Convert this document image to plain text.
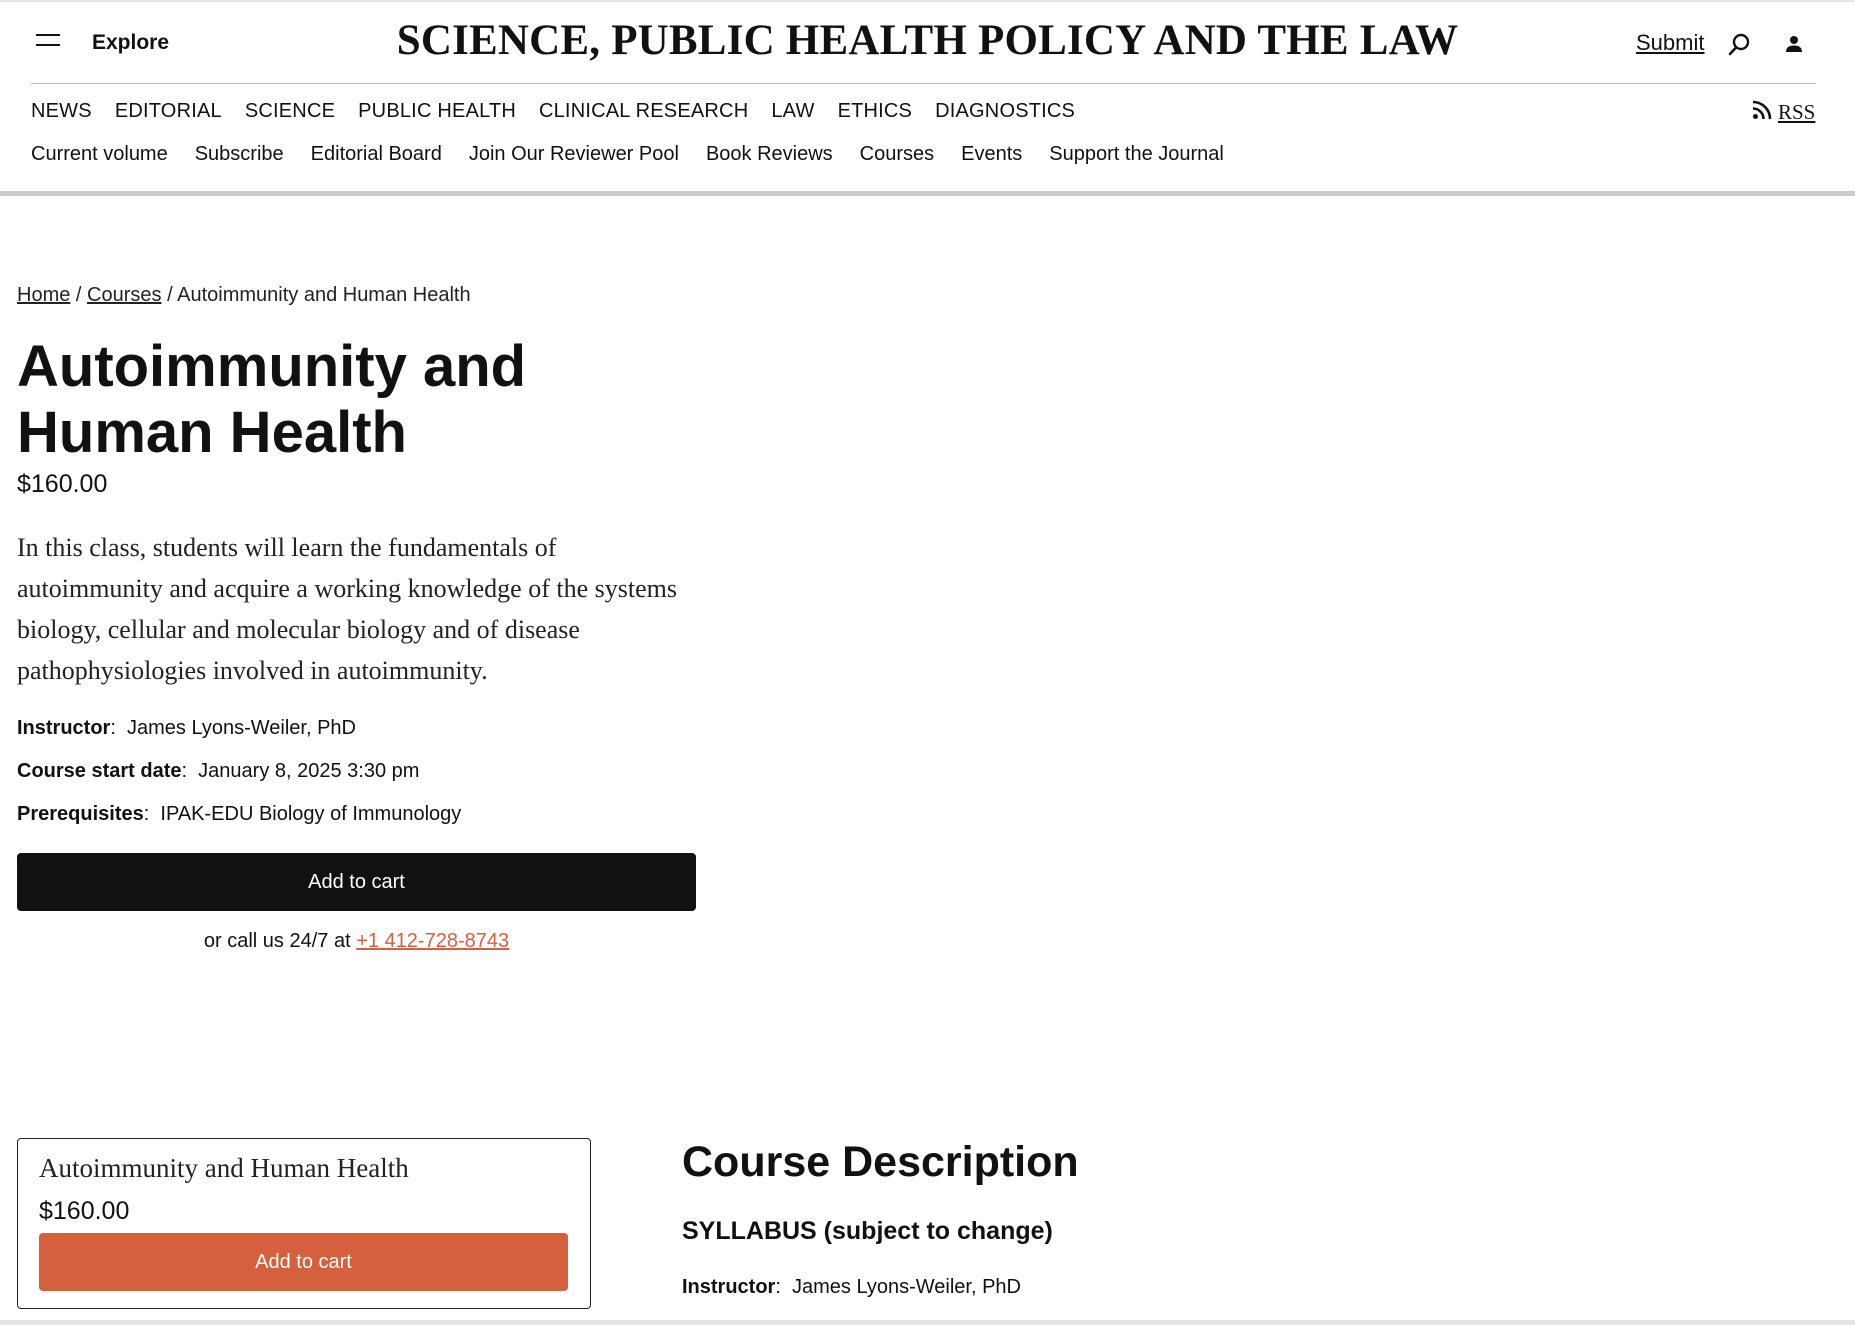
Explore	SCIENCE, PUBLIC HEALTH POLICY AND THE LAW	Submit
NEWS EDITORIAL SCIENCE PUBLIC HEALTH CLINICAL RESEARCH LAW ETHICS DIAGNOSTICS	RSS
Current volume Subscribe Editorial Board Join Our Reviewer Pool Book Reviews Courses Events Support the Journal
Home / Courses / Autoimmunity and Human Health
Autoimmunity and Human Health
$160.00

In this class, students will learn the fundamentals of autoimmunity and acquire a working knowledge of the systems biology, cellular and molecular biology and of disease pathophysiologies involved in autoimmunity.

Instructor:  James Lyons-Weiler, PhD
Course start date:  January 8, 2025 3:30 pm
Prerequisites:  IPAK-EDU Biology of Immunology
Add to cart
or call us 24/7 at +1 412-728-8743
Autoimmunity and Human Health
$160.00
Add to cart
Course Description
SYLLABUS (subject to change)
Instructor:  James Lyons-Weiler, PhD
